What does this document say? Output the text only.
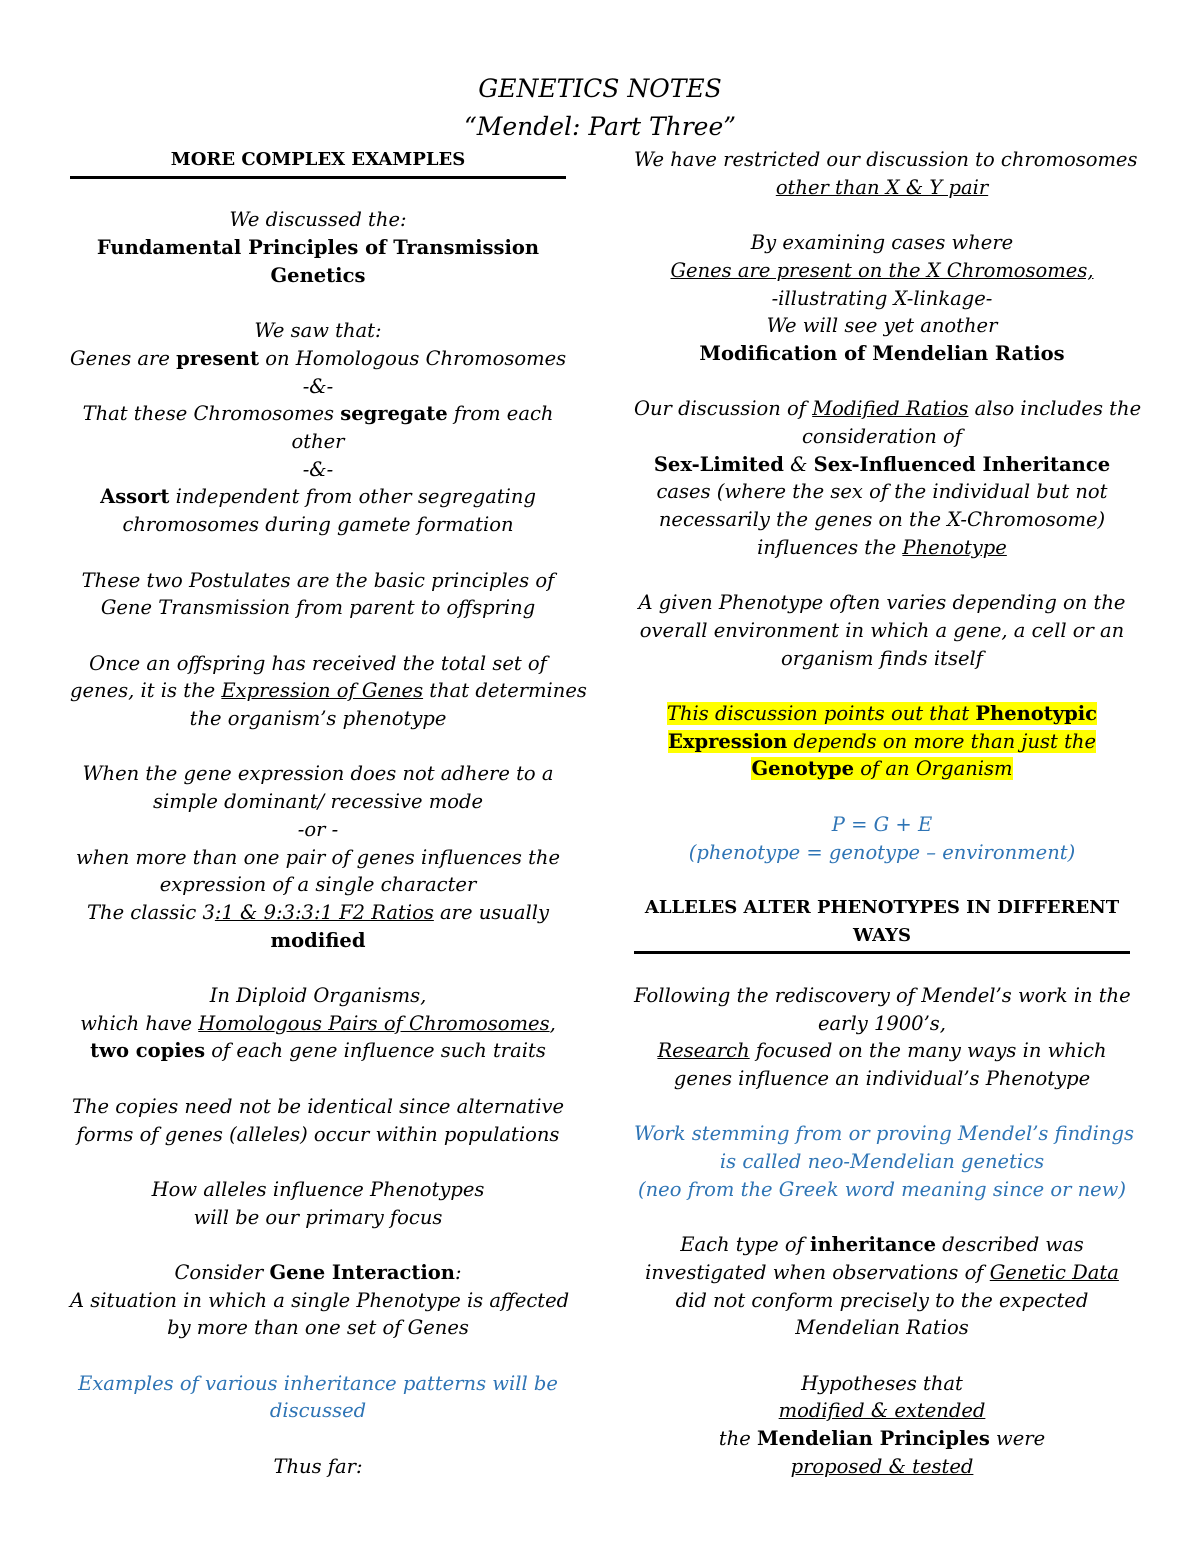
GENETICS NOTES
“Mendel: Part Three”
MORE COMPLEX EXAMPLES
We discussed the:
Fundamental Principles of Transmission
Genetics
We saw that:
Genes are present on Homologous Chromosomes
-&-
That these Chromosomes segregate from each
other
-&-
Assort independent from other segregating
chromosomes during gamete formation
These two Postulates are the basic principles of
Gene Transmission from parent to offspring
Once an offspring has received the total set of
genes, it is the Expression of Genes that determines
the organism’s phenotype
When the gene expression does not adhere to a
simple dominant/ recessive mode
-or -
when more than one pair of genes influences the
expression of a single character
The classic 3:1 & 9:3:3:1 F2 Ratios are usually
modified
In Diploid Organisms,
which have Homologous Pairs of Chromosomes,
two copies of each gene influence such traits
The copies need not be identical since alternative
forms of genes (alleles) occur within populations
How alleles influence Phenotypes
will be our primary focus
Consider Gene Interaction:
A situation in which a single Phenotype is affected
by more than one set of Genes
Examples of various inheritance patterns will be
discussed
Thus far:
We have restricted our discussion to chromosomes
other than X & Y pair
By examining cases where
Genes are present on the X Chromosomes,
-illustrating X-linkage-
We will see yet another
Modification of Mendelian Ratios
Our discussion of Modified Ratios also includes the
consideration of
Sex-Limited & Sex-Influenced Inheritance
cases (where the sex of the individual but not
necessarily the genes on the X-Chromosome)
influences the Phenotype
A given Phenotype often varies depending on the
overall environment in which a gene, a cell or an
organism finds itself
This discussion points out that Phenotypic
Expression depends on more than just the
Genotype of an Organism
P = G + E
(phenotype = genotype – environment)
ALLELES ALTER PHENOTYPES IN DIFFERENT
WAYS
Following the rediscovery of Mendel’s work in the
early 1900’s,
Research focused on the many ways in which
genes influence an individual’s Phenotype
Work stemming from or proving Mendel’s findings
is called neo-Mendelian genetics
(neo from the Greek word meaning since or new)
Each type of inheritance described was
investigated when observations of Genetic Data
did not conform precisely to the expected
Mendelian Ratios
Hypotheses that
modified & extended
the Mendelian Principles were
proposed & tested
